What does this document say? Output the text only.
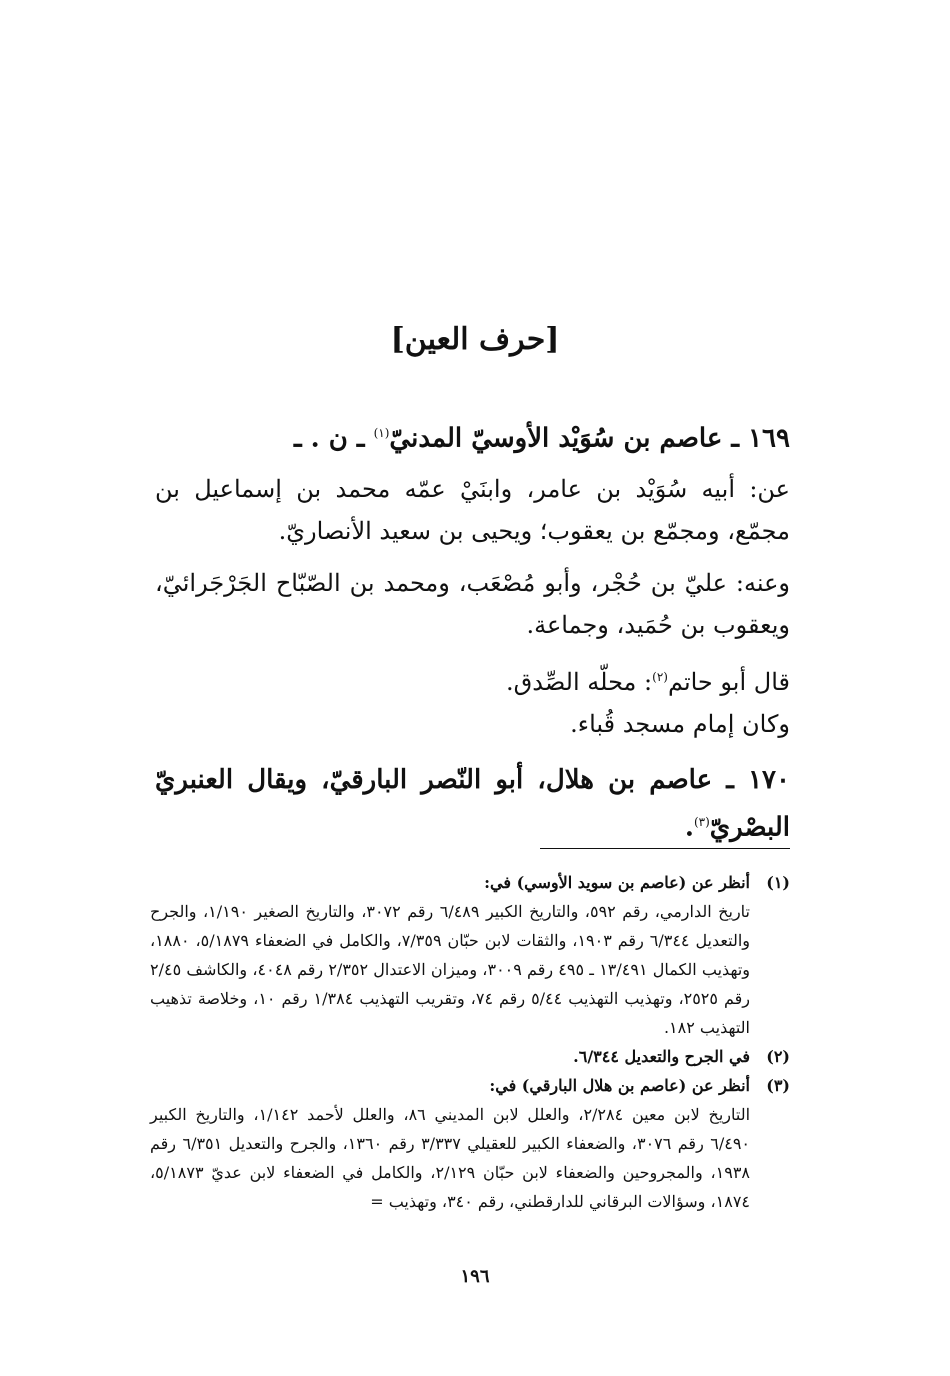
[حرف العين]
١٦٩ ـ عاصم بن سُوَيْد الأوسيّ المدنيّ$^{(١)}$ ـ ن . ـ

عن: أبيه سُوَيْد بن عامر، وابنَيْ عمّه محمد بن إسماعيل بن مجمّع، ومجمّع بن يعقوب؛ ويحيى بن سعيد الأنصاريّ.

وعنه: عليّ بن حُجْر، وأبو مُصْعَب، ومحمد بن الصّبّاح الجَرْجَرائيّ، ويعقوب بن حُمَيد، وجماعة.

قال أبو حاتم$^{(٢)}$: محلّه الصِّدق.

وكان إمام مسجد قُباء.

١٧٠ ـ عاصم بن هلال، أبو النّصر البارقيّ، ويقال العنبريّ البصْريّ$^{(٣)}$.
(١)
أنظر عن (عاصم بن سويد الأوسي) في:
تاريخ الدارمي، رقم ٥٩٢، والتاريخ الكبير ٦/٤٨٩ رقم ٣٠٧٢، والتاريخ الصغير ١/١٩٠، والجرح والتعديل ٦/٣٤٤ رقم ١٩٠٣، والثقات لابن حبّان ٧/٣٥٩، والكامل في الضعفاء ٥/١٨٧٩، ١٨٨٠، وتهذيب الكمال ١٣/٤٩١ ـ ٤٩٥ رقم ٣٠٠٩، وميزان الاعتدال ٢/٣٥٢ رقم ٤٠٤٨، والكاشف ٢/٤٥ رقم ٢٥٢٥، وتهذيب التهذيب ٥/٤٤ رقم ٧٤، وتقريب التهذيب ١/٣٨٤ رقم ١٠، وخلاصة تذهيب التهذيب ١٨٢.
(٢)
في الجرح والتعديل ٦/٣٤٤.
(٣)
أنظر عن (عاصم بن هلال البارقي) في:
التاريخ لابن معين ٢/٢٨٤، والعلل لابن المديني ٨٦، والعلل لأحمد ١/١٤٢، والتاريخ الكبير ٦/٤٩٠ رقم ٣٠٧٦، والضعفاء الكبير للعقيلي ٣/٣٣٧ رقم ١٣٦٠، والجرح والتعديل ٦/٣٥١ رقم ١٩٣٨، والمجروحين والضعفاء لابن حبّان ٢/١٢٩، والكامل في الضعفاء لابن عديّ ٥/١٨٧٣، ١٨٧٤، وسؤالات البرقاني للدارقطني، رقم ٣٤٠، وتهذيب =
١٩٦
